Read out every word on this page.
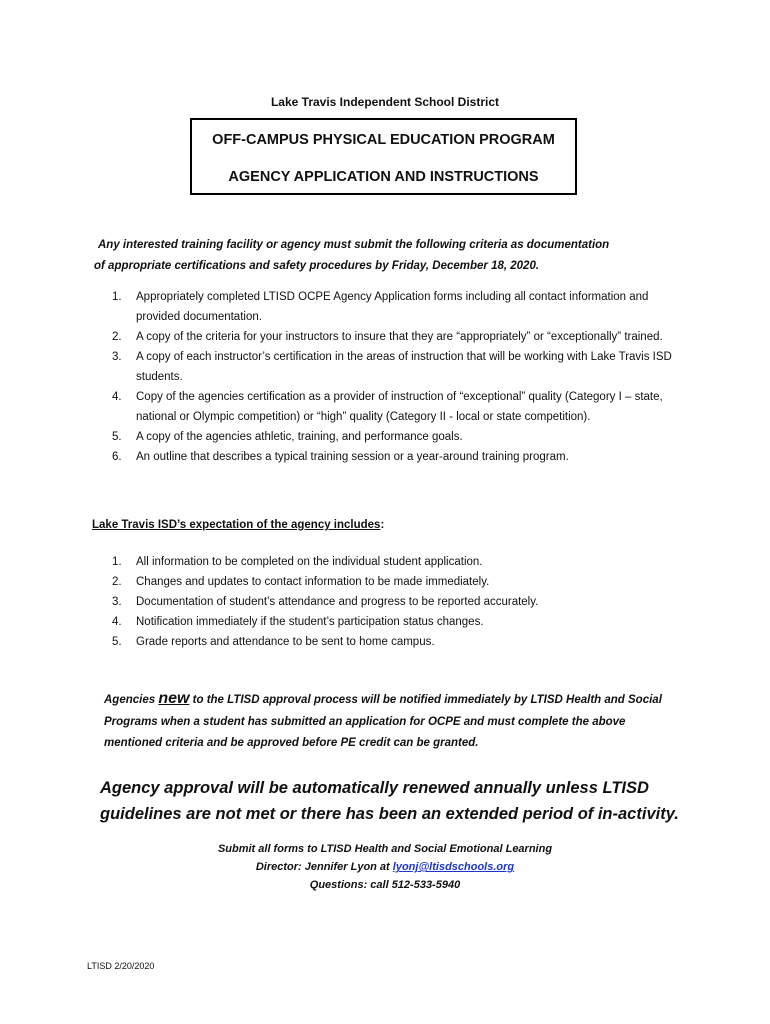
Lake Travis Independent School District
OFF-CAMPUS PHYSICAL EDUCATION PROGRAM
AGENCY APPLICATION AND INSTRUCTIONS
Any interested training facility or agency must submit the following criteria as documentation
of appropriate certifications and safety procedures by Friday, December 18, 2020.
1. Appropriately completed LTISD OCPE Agency Application forms including all contact information and provided documentation.
2. A copy of the criteria for your instructors to insure that they are “appropriately” or “exceptionally” trained.
3. A copy of each instructor’s certification in the areas of instruction that will be working with Lake Travis ISD students.
4. Copy of the agencies certification as a provider of instruction of “exceptional” quality (Category I – state, national or Olympic competition) or “high” quality (Category II - local or state competition).
5. A copy of the agencies athletic, training, and performance goals.
6. An outline that describes a typical training session or a year-around training program.
Lake Travis ISD’s expectation of the agency includes:
1. All information to be completed on the individual student application.
2. Changes and updates to contact information to be made immediately.
3. Documentation of student’s attendance and progress to be reported accurately.
4. Notification immediately if the student’s participation status changes.
5. Grade reports and attendance to be sent to home campus.
Agencies new to the LTISD approval process will be notified immediately by LTISD Health and Social Programs when a student has submitted an application for OCPE and must complete the above mentioned criteria and be approved before PE credit can be granted.
Agency approval will be automatically renewed annually unless LTISD guidelines are not met or there has been an extended period of in-activity.
Submit all forms to LTISD Health and Social Emotional Learning
Director: Jennifer Lyon at lyonj@ltisdschools.org
Questions: call 512-533-5940
LTISD 2/20/2020
